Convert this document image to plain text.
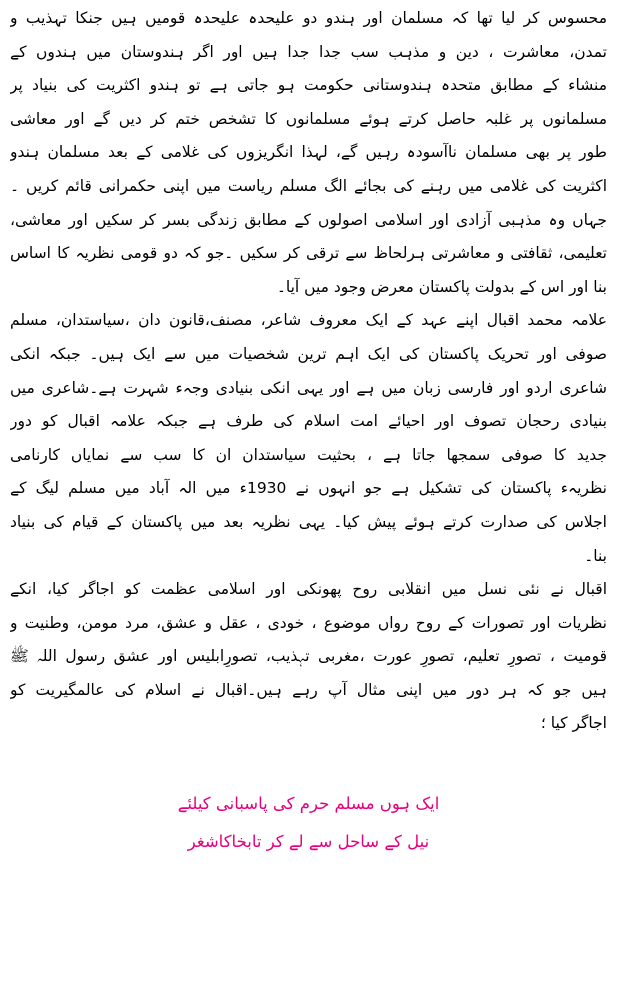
محسوس کر لیا تھا کہ مسلمان اور ہندو دو علیحدہ علیحدہ قومیں ہیں جنکا تہذیب و
تمدن، معاشرت ، دین و مذہب سب جدا جدا ہیں اور اگر ہندوستان میں ہندوں کے
منشاء کے مطابق متحدہ ہندوستانی حکومت ہو جاتی ہے تو ہندو اکثریت کی بنیاد پر
مسلمانوں پر غلبہ حاصل کرتے ہوئے مسلمانوں کا تشخص ختم کر دیں گے اور معاشی
طور پر بھی مسلمان ناآسودہ رہیں گے، لہذا انگریزوں کی غلامی کے بعد مسلمان ہندو
اکثریت کی غلامی میں رہنے کی بجائے الگ مسلم ریاست میں اپنی حکمرانی قائم کریں ۔
جہاں وہ مذہبی آزادی اور اسلامی اصولوں کے مطابق زندگی بسر کر سکیں اور معاشی،
تعلیمی، ثقافتی و معاشرتی ہرلحاظ سے ترقی کر سکیں ۔جو کہ دو قومی نظریہ کا اساس
بنا اور اس کے بدولت پاکستان معرض وجود میں آیا۔
علامہ محمد اقبال اپنے عہد کے ایک معروف شاعر، مصنف،قانون دان ،سیاستدان، مسلم
صوفی اور تحریک پاکستان کی ایک اہم ترین شخصیات میں سے ایک ہیں۔ جبکہ انکی
شاعری اردو اور فارسی زبان میں ہے اور یہی انکی بنیادی وجہء شہرت ہے۔شاعری میں
بنیادی رحجان تصوف اور احیائے امت اسلام کی طرف ہے جبکہ علامہ اقبال کو دور
جدید کا صوفی سمجھا جاتا ہے ، بحثیت سیاستدان ان کا سب سے نمایاں کارنامی
نظریہء پاکستان کی تشکیل ہے جو انہوں نے 1930ء میں الہ آباد میں مسلم لیگ کے
اجلاس کی صدارت کرتے ہوئے پیش کیا۔ یہی نظریہ بعد میں پاکستان کے قیام کی بنیاد
بنا۔
اقبال نے نئی نسل میں انقلابی روح پھونکی اور اسلامی عظمت کو اجاگر کیا، انکے
نظریات اور تصورات کے روح رواں موضوع ، خودی ، عقل و عشق، مرد مومن، وطنیت و
قومیت ، تصورِ تعلیم، تصورِ عورت ،مغربی تہذیب، تصورِابلیس اور عشق رسول اللہ ﷺ
ہیں جو کہ ہر دور میں اپنی مثال آپ رہے ہیں۔اقبال نے اسلام کی عالمگیریت کو
اجاگر کیا ؛
ایک ہوں مسلم حرم کی پاسبانی کیلئے
نیل کے ساحل سے لے کر تابخاکاشغر
